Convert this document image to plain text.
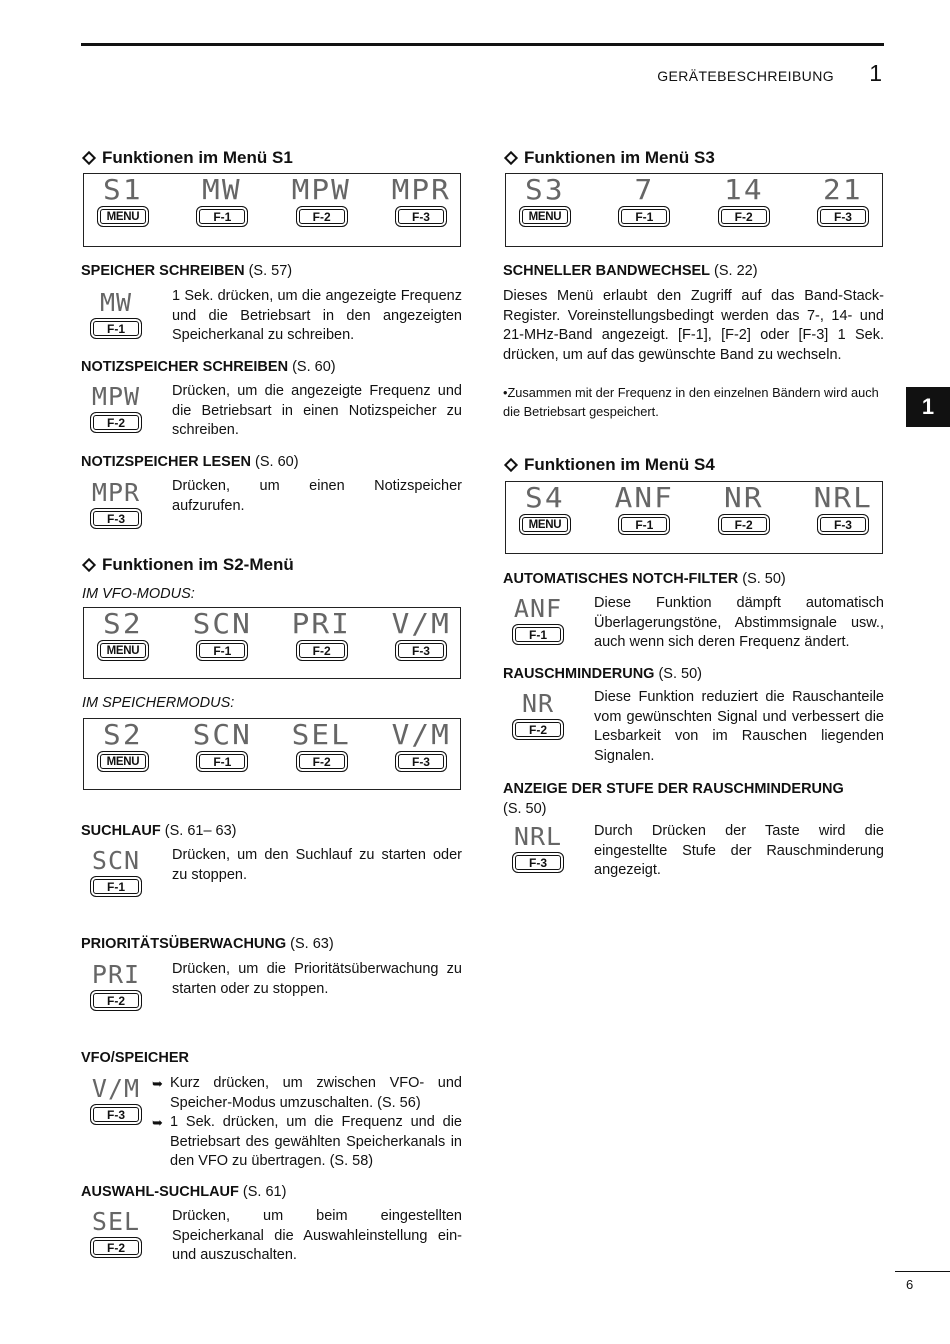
GERÄTEBESCHREIBUNG 1
1
Funktionen im Menü S1
S1
MENU
MW
F-1
MPW
F-2
MPR
F-3
SPEICHER SCHREIBEN (S. 57)
MW
F-1
1 Sek. drücken, um die angezeigte Frequenz und die Betriebsart in den angezeigten Speicherkanal zu schreiben.
NOTIZSPEICHER SCHREIBEN (S. 60)
MPW
F-2
Drücken, um die angezeigte Frequenz und die Betriebsart in einen Notizspeicher zu schreiben.
NOTIZSPEICHER LESEN (S. 60)
MPR
F-3
Drücken, um einen Notizspeicher aufzurufen.
Funktionen im S2-Menü
IM VFO-MODUS:
S2
MENU
SCN
F-1
PRI
F-2
V/M
F-3
IM SPEICHERMODUS:
S2
MENU
SCN
F-1
SEL
F-2
V/M
F-3
SUCHLAUF (S. 61– 63)
SCN
F-1
Drücken, um den Suchlauf zu starten oder zu stoppen.
PRIORITÄTSÜBERWACHUNG (S. 63)
PRI
F-2
Drücken, um die Prioritätsüberwachung zu starten oder zu stoppen.
VFO/SPEICHER
V/M
F-3
➥ Kurz drücken, um zwischen VFO- und Speicher-Modus umzuschalten. (S. 56)
➥ 1 Sek. drücken, um die Frequenz und die Betriebsart des gewählten Speicherkanals in den VFO zu übertragen. (S. 58)
AUSWAHL-SUCHLAUF (S. 61)
SEL
F-2
Drücken, um beim eingestellten Speicherkanal die Auswahleinstellung ein- und auszuschalten.
Funktionen im Menü S3
S3
MENU
7
F-1
14
F-2
21
F-3
SCHNELLER BANDWECHSEL (S. 22)
Dieses Menü erlaubt den Zugriff auf das Band-Stack-Register. Voreinstellungsbedingt werden das 7-, 14- und 21-MHz-Band angezeigt. [F-1], [F-2] oder [F-3] 1 Sek. drücken, um auf das gewünschte Band zu wechseln.
•Zusammen mit der Frequenz in den einzelnen Bändern wird auch die Betriebsart gespeichert.
Funktionen im Menü S4
S4
MENU
ANF
F-1
NR
F-2
NRL
F-3
AUTOMATISCHES NOTCH-FILTER (S. 50)
ANF
F-1
Diese Funktion dämpft automatisch Überlagerungstöne, Abstimmsignale usw., auch wenn sich deren Frequenz ändert.
RAUSCHMINDERUNG (S. 50)
NR
F-2
Diese Funktion reduziert die Rauschanteile vom gewünschten Signal und verbessert die Lesbarkeit von im Rauschen liegenden Signalen.
ANZEIGE DER STUFE DER RAUSCHMINDERUNG
(S. 50)
NRL
F-3
Durch Drücken der Taste wird die eingestellte Stufe der Rauschminderung angezeigt.
6
